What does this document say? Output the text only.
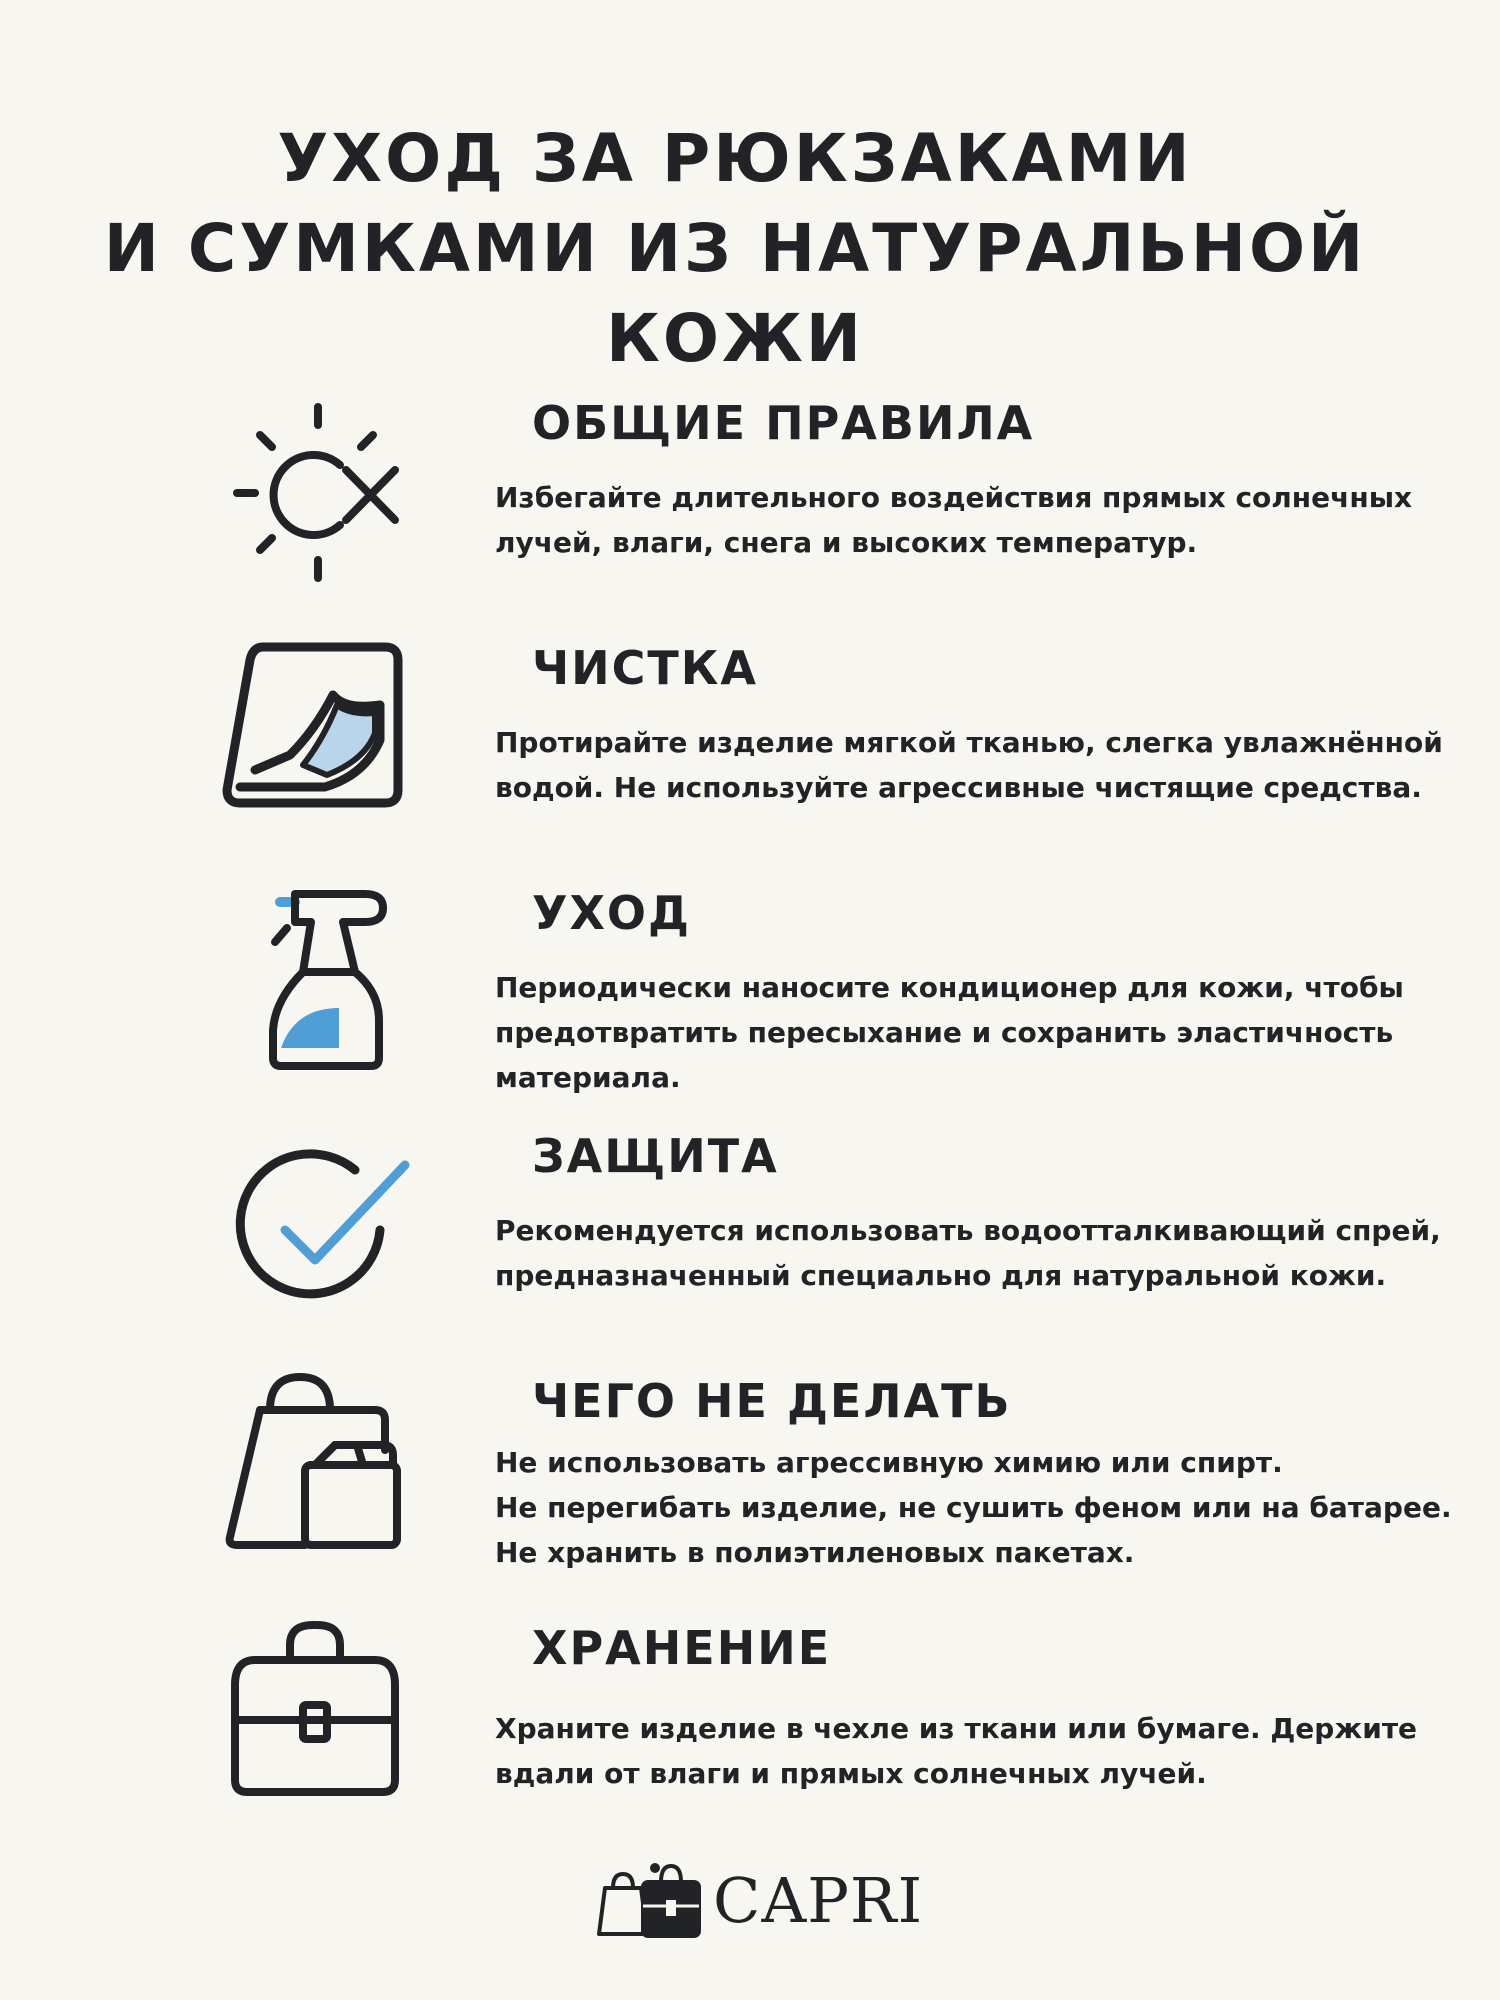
УХОД ЗА РЮКЗАКАМИ
И СУМКАМИ ИЗ НАТУРАЛЬНОЙ
КОЖИ
ОБЩИЕ ПРАВИЛА
Избегайте длительного воздействия прямых солнечных
лучей, влаги, снега и высоких температур.
ЧИСТКА
Протирайте изделие мягкой тканью, слегка увлажнённой
водой. Не используйте агрессивные чистящие средства.
УХОД
Периодически наносите кондиционер для кожи, чтобы
предотвратить пересыхание и сохранить эластичность
материала.
ЗАЩИТА
Рекомендуется использовать водоотталкивающий спрей,
предназначенный специально для натуральной кожи.
ЧЕГО НЕ ДЕЛАТЬ
Не использовать агрессивную химию или спирт.
Не перегибать изделие, не сушить феном или на батарее.
Не хранить в полиэтиленовых пакетах.
ХРАНЕНИЕ
Храните изделие в чехле из ткани или бумаге. Держите
вдали от влаги и прямых солнечных лучей.
CAPRI
